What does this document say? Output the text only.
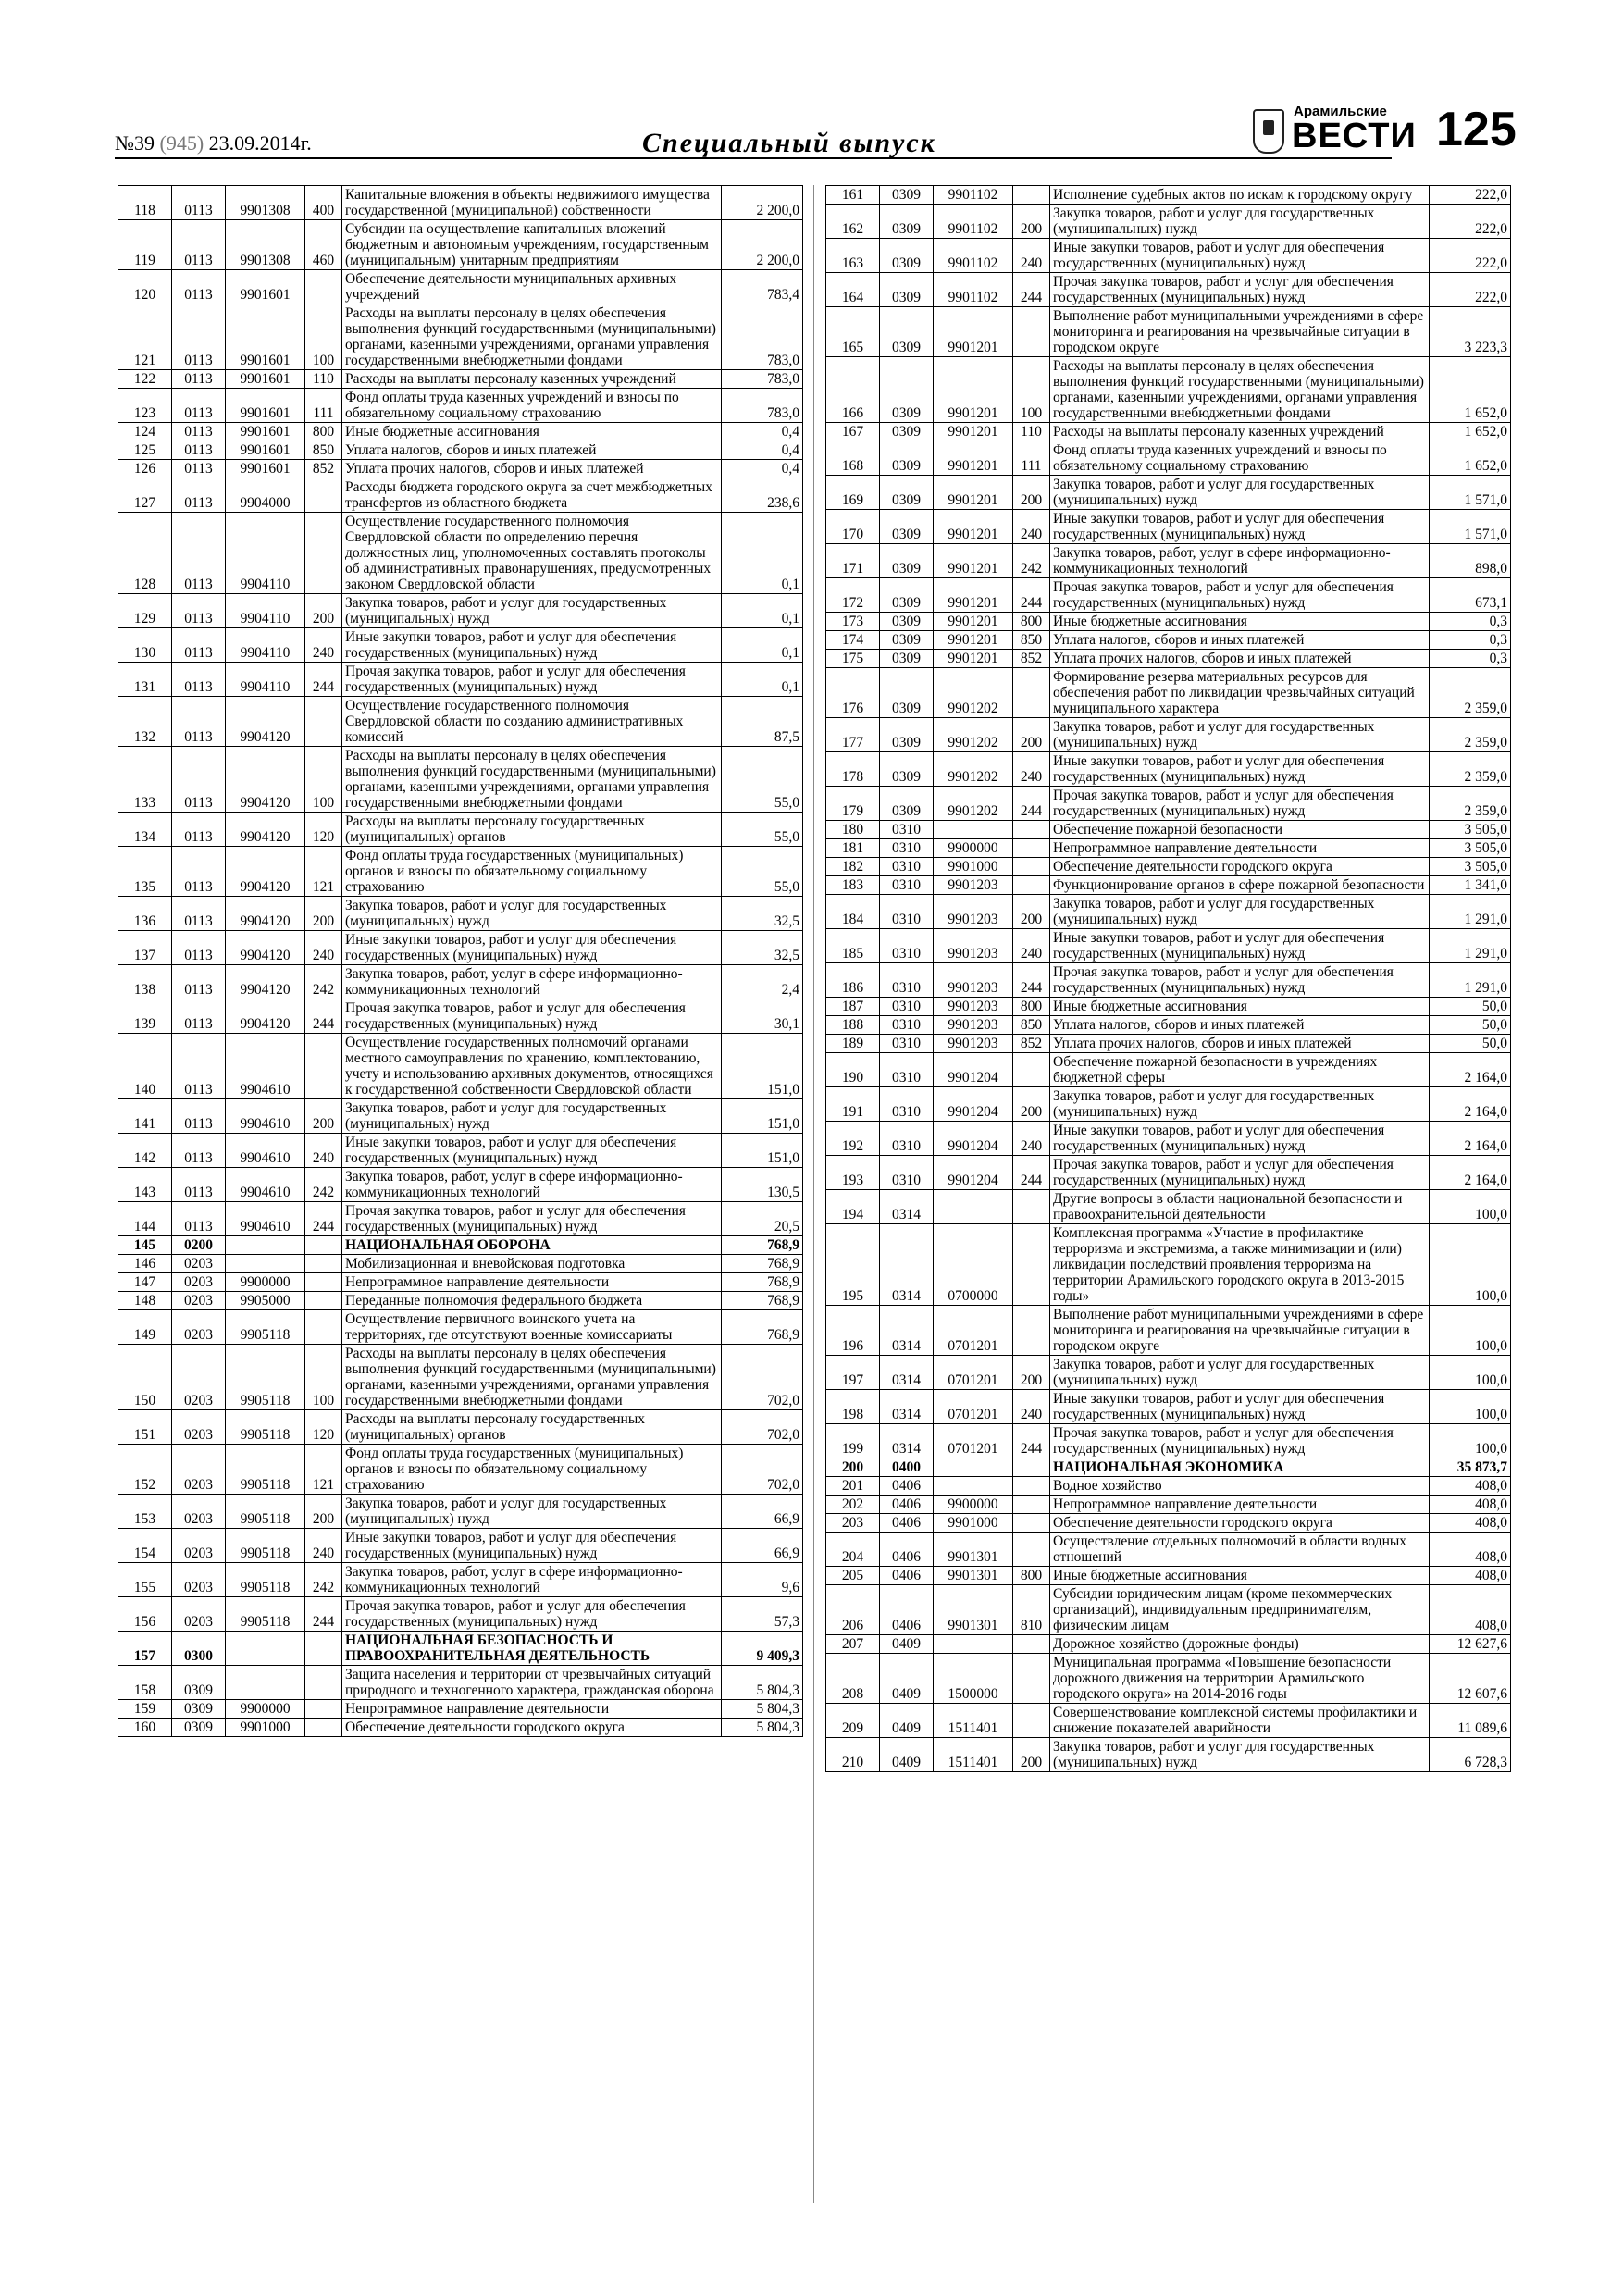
№39 (945) 23.09.2014г.	Специальный выпуск
Арамильские
ВЕСТИ 125
118	0113	9901308	400	Капитальные вложения в объекты недвижимого имущества государственной (муниципальной) собственности	2 200,0
119	0113	9901308	460	Субсидии на осуществление капитальных вложений бюджетным и автономным учреждениям, государственным (муниципальным) унитарным предприятиям	2 200,0
120	0113	9901601		Обеспечение деятельности муниципальных архивных учреждений	783,4
121	0113	9901601	100	Расходы на выплаты персоналу в целях обеспечения выполнения функций государственными (муниципальными) органами, казенными учреждениями, органами управления государственными внебюджетными фондами	783,0
122	0113	9901601	110	Расходы на выплаты персоналу казенных учреждений	783,0
123	0113	9901601	111	Фонд оплаты труда казенных учреждений и взносы по обязательному социальному страхованию	783,0
124	0113	9901601	800	Иные бюджетные ассигнования	0,4
125	0113	9901601	850	Уплата налогов, сборов и иных платежей	0,4
126	0113	9901601	852	Уплата прочих налогов, сборов и иных платежей	0,4
127	0113	9904000		Расходы бюджета городского округа за счет межбюджетных трансфертов из областного бюджета	238,6
128	0113	9904110		Осуществление государственного полномочия Свердловской области по определению перечня должностных лиц, уполномоченных составлять протоколы об административных правонарушениях, предусмотренных законом Свердловской области	0,1
129	0113	9904110	200	Закупка товаров, работ и услуг для государственных (муниципальных) нужд	0,1
130	0113	9904110	240	Иные закупки товаров, работ и услуг для обеспечения государственных (муниципальных) нужд	0,1
131	0113	9904110	244	Прочая закупка товаров, работ и услуг для обеспечения государственных (муниципальных) нужд	0,1
132	0113	9904120		Осуществление государственного полномочия Свердловской области по созданию административных комиссий	87,5
133	0113	9904120	100	Расходы на выплаты персоналу в целях обеспечения выполнения функций государственными (муниципальными) органами, казенными учреждениями, органами управления государственными внебюджетными фондами	55,0
134	0113	9904120	120	Расходы на выплаты персоналу государственных (муниципальных) органов	55,0
135	0113	9904120	121	Фонд оплаты труда государственных (муниципальных) органов и взносы по обязательному социальному страхованию	55,0
136	0113	9904120	200	Закупка товаров, работ и услуг для государственных (муниципальных) нужд	32,5
137	0113	9904120	240	Иные закупки товаров, работ и услуг для обеспечения государственных (муниципальных) нужд	32,5
138	0113	9904120	242	Закупка товаров, работ, услуг в сфере информационно-коммуникационных технологий	2,4
139	0113	9904120	244	Прочая закупка товаров, работ и услуг для обеспечения государственных (муниципальных) нужд	30,1
140	0113	9904610		Осуществление государственных полномочий органами местного самоуправления по хранению, комплектованию, учету и использованию архивных документов, относящихся к государственной собственности Свердловской области	151,0
141	0113	9904610	200	Закупка товаров, работ и услуг для государственных (муниципальных) нужд	151,0
142	0113	9904610	240	Иные закупки товаров, работ и услуг для обеспечения государственных (муниципальных) нужд	151,0
143	0113	9904610	242	Закупка товаров, работ, услуг в сфере информационно-коммуникационных технологий	130,5
144	0113	9904610	244	Прочая закупка товаров, работ и услуг для обеспечения государственных (муниципальных) нужд	20,5
145	0200			НАЦИОНАЛЬНАЯ ОБОРОНА	768,9
146	0203			Мобилизационная и вневойсковая подготовка	768,9
147	0203	9900000		Непрограммное направление деятельности	768,9
148	0203	9905000		Переданные полномочия федерального бюджета	768,9
149	0203	9905118		Осуществление первичного воинского учета на территориях, где отсутствуют военные комиссариаты	768,9
150	0203	9905118	100	Расходы на выплаты персоналу в целях обеспечения выполнения функций государственными (муниципальными) органами, казенными учреждениями, органами управления государственными внебюджетными фондами	702,0
151	0203	9905118	120	Расходы на выплаты персоналу государственных (муниципальных) органов	702,0
152	0203	9905118	121	Фонд оплаты труда государственных (муниципальных) органов и взносы по обязательному социальному страхованию	702,0
153	0203	9905118	200	Закупка товаров, работ и услуг для государственных (муниципальных) нужд	66,9
154	0203	9905118	240	Иные закупки товаров, работ и услуг для обеспечения государственных (муниципальных) нужд	66,9
155	0203	9905118	242	Закупка товаров, работ, услуг в сфере информационно-коммуникационных технологий	9,6
156	0203	9905118	244	Прочая закупка товаров, работ и услуг для обеспечения государственных (муниципальных) нужд	57,3
157	0300			НАЦИОНАЛЬНАЯ БЕЗОПАСНОСТЬ И ПРАВООХРАНИТЕЛЬНАЯ ДЕЯТЕЛЬНОСТЬ	9 409,3
158	0309			Защита населения и территории от чрезвычайных ситуаций природного и техногенного характера, гражданская оборона	5 804,3
159	0309	9900000		Непрограммное направление деятельности	5 804,3
160	0309	9901000		Обеспечение деятельности городского округа	5 804,3
161	0309	9901102		Исполнение судебных актов по искам к городскому округу	222,0
162	0309	9901102	200	Закупка товаров, работ и услуг для государственных (муниципальных) нужд	222,0
163	0309	9901102	240	Иные закупки товаров, работ и услуг для обеспечения государственных (муниципальных) нужд	222,0
164	0309	9901102	244	Прочая закупка товаров, работ и услуг для обеспечения государственных (муниципальных) нужд	222,0
165	0309	9901201		Выполнение работ муниципальными учреждениями в сфере мониторинга и реагирования на чрезвычайные ситуации в городском округе	3 223,3
166	0309	9901201	100	Расходы на выплаты персоналу в целях обеспечения выполнения функций государственными (муниципальными) органами, казенными учреждениями, органами управления государственными внебюджетными фондами	1 652,0
167	0309	9901201	110	Расходы на выплаты персоналу казенных учреждений	1 652,0
168	0309	9901201	111	Фонд оплаты труда казенных учреждений и взносы по обязательному социальному страхованию	1 652,0
169	0309	9901201	200	Закупка товаров, работ и услуг для государственных (муниципальных) нужд	1 571,0
170	0309	9901201	240	Иные закупки товаров, работ и услуг для обеспечения государственных (муниципальных) нужд	1 571,0
171	0309	9901201	242	Закупка товаров, работ, услуг в сфере информационно-коммуникационных технологий	898,0
172	0309	9901201	244	Прочая закупка товаров, работ и услуг для обеспечения государственных (муниципальных) нужд	673,1
173	0309	9901201	800	Иные бюджетные ассигнования	0,3
174	0309	9901201	850	Уплата налогов, сборов и иных платежей	0,3
175	0309	9901201	852	Уплата прочих налогов, сборов и иных платежей	0,3
176	0309	9901202		Формирование резерва материальных ресурсов для обеспечения работ по ликвидации чрезвычайных ситуаций муниципального характера	2 359,0
177	0309	9901202	200	Закупка товаров, работ и услуг для государственных (муниципальных) нужд	2 359,0
178	0309	9901202	240	Иные закупки товаров, работ и услуг для обеспечения государственных (муниципальных) нужд	2 359,0
179	0309	9901202	244	Прочая закупка товаров, работ и услуг для обеспечения государственных (муниципальных) нужд	2 359,0
180	0310			Обеспечение пожарной безопасности	3 505,0
181	0310	9900000		Непрограммное направление деятельности	3 505,0
182	0310	9901000		Обеспечение деятельности городского округа	3 505,0
183	0310	9901203		Функционирование органов в сфере пожарной безопасности	1 341,0
184	0310	9901203	200	Закупка товаров, работ и услуг для государственных (муниципальных) нужд	1 291,0
185	0310	9901203	240	Иные закупки товаров, работ и услуг для обеспечения государственных (муниципальных) нужд	1 291,0
186	0310	9901203	244	Прочая закупка товаров, работ и услуг для обеспечения государственных (муниципальных) нужд	1 291,0
187	0310	9901203	800	Иные бюджетные ассигнования	50,0
188	0310	9901203	850	Уплата налогов, сборов и иных платежей	50,0
189	0310	9901203	852	Уплата прочих налогов, сборов и иных платежей	50,0
190	0310	9901204		Обеспечение пожарной безопасности в учреждениях бюджетной сферы	2 164,0
191	0310	9901204	200	Закупка товаров, работ и услуг для государственных (муниципальных) нужд	2 164,0
192	0310	9901204	240	Иные закупки товаров, работ и услуг для обеспечения государственных (муниципальных) нужд	2 164,0
193	0310	9901204	244	Прочая закупка товаров, работ и услуг для обеспечения государственных (муниципальных) нужд	2 164,0
194	0314			Другие вопросы в области национальной безопасности и правоохранительной деятельности	100,0
195	0314	0700000		Комплексная программа «Участие в профилактике терроризма и экстремизма, а также минимизации и (или) ликвидации последствий проявления терроризма на территории Арамильского городского округа в 2013-2015 годы»	100,0
196	0314	0701201		Выполнение работ муниципальными учреждениями в сфере мониторинга и реагирования на чрезвычайные ситуации в городском округе	100,0
197	0314	0701201	200	Закупка товаров, работ и услуг для государственных (муниципальных) нужд	100,0
198	0314	0701201	240	Иные закупки товаров, работ и услуг для обеспечения государственных (муниципальных) нужд	100,0
199	0314	0701201	244	Прочая закупка товаров, работ и услуг для обеспечения государственных (муниципальных) нужд	100,0
200	0400			НАЦИОНАЛЬНАЯ ЭКОНОМИКА	35 873,7
201	0406			Водное хозяйство	408,0
202	0406	9900000		Непрограммное направление деятельности	408,0
203	0406	9901000		Обеспечение деятельности городского округа	408,0
204	0406	9901301		Осуществление отдельных полномочий в области водных отношений	408,0
205	0406	9901301	800	Иные бюджетные ассигнования	408,0
206	0406	9901301	810	Субсидии юридическим лицам (кроме некоммерческих организаций), индивидуальным предпринимателям, физическим лицам	408,0
207	0409			Дорожное хозяйство (дорожные фонды)	12 627,6
208	0409	1500000		Муниципальная программа «Повышение безопасности дорожного движения на территории Арамильского городского округа» на 2014-2016 годы	12 607,6
209	0409	1511401		Совершенствование комплексной системы профилактики и снижение показателей аварийности	11 089,6
210	0409	1511401	200	Закупка товаров, работ и услуг для государственных (муниципальных) нужд	6 728,3
